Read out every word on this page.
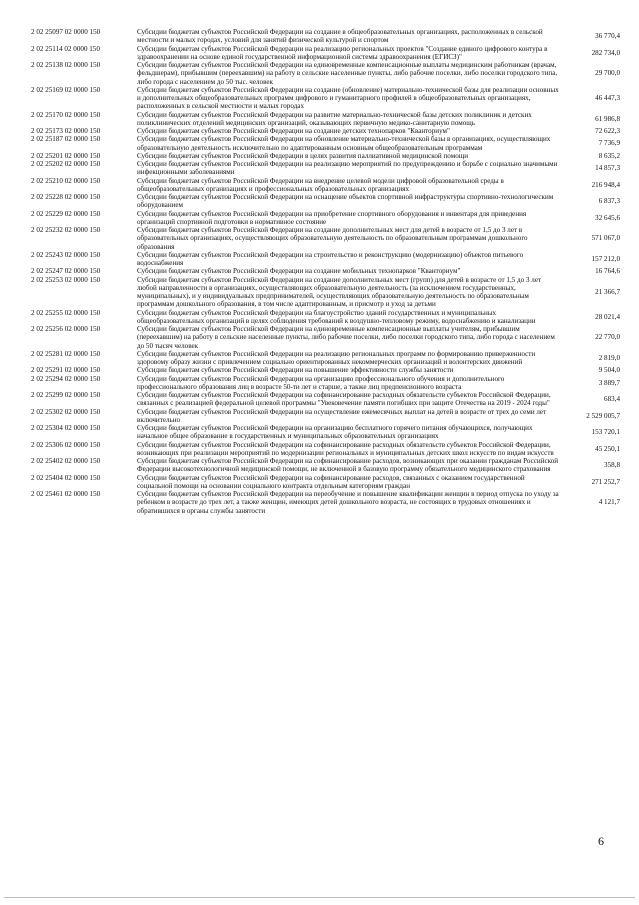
2 02 25097 02 0000 150	Субсидии бюджетам субъектов Российской Федерации на создание в общеобразовательных организациях, расположенных в сельской местности и малых городах, условий для занятий физической культурой и спортом	36 770,4
2 02 25114 02 0000 150	Субсидии бюджетам субъектов Российской Федерации на реализацию региональных проектов "Создание единого цифрового контура в здравоохранении на основе единой государственной информационной системы здравоохранения (ЕГИСЗ)"	282 734,0
2 02 25138 02 0000 150	Субсидии бюджетам субъектов Российской Федерации на единовременные компенсационные выплаты медицинским работникам (врачам, фельдшерам), прибывшим (переехавшим) на работу в сельские населенные пункты, либо рабочие поселки, либо поселки городского типа, либо города с населением до 50 тыс. человек	29 700,0
2 02 25169 02 0000 150	Субсидии бюджетам субъектов Российской Федерации на создание (обновление) материально-технической базы для реализации основных и дополнительных общеобразовательных программ цифрового и гуманитарного профилей в общеобразовательных организациях, расположенных в сельской местности и малых городах	46 447,3
2 02 25170 02 0000 150	Субсидии бюджетам субъектов Российской Федерации на развитие материально-технической базы детских поликлиник и детских поликлинических отделений медицинских организаций, оказывающих первичную медико-санитарную помощь	61 986,8
2 02 25173 02 0000 150	Субсидии бюджетам субъектов Российской Федерации на создание детских технопарков "Кванториум"	72 622,3
2 02 25187 02 0000 150	Субсидии бюджетам субъектов Российской Федерации на обновление материально-технической базы в организациях, осуществляющих образовательную деятельность исключительно по адаптированным основным общеобразовательным программам	7 736,9
2 02 25201 02 0000 150	Субсидии бюджетам субъектов Российской Федерации в целях развития паллиативной медицинской помощи	8 635,2
2 02 25202 02 0000 150	Субсидии бюджетам субъектов Российской Федерации на реализацию мероприятий по предупреждению и борьбе с социально значимыми инфекционными заболеваниями	14 857,3
2 02 25210 02 0000 150	Субсидии бюджетам субъектов Российской Федерации на внедрение целевой модели цифровой образовательной среды в общеобразовательных организациях и профессиональных образовательных организациях	216 948,4
2 02 25228 02 0000 150	Субсидии бюджетам субъектов Российской Федерации на оснащение объектов спортивной инфраструктуры спортивно-технологическим оборудованием	6 837,3
2 02 25229 02 0000 150	Субсидии бюджетам субъектов Российской Федерации на приобретение спортивного оборудования и инвентаря для приведения организаций спортивной подготовки в нормативное состояние	32 645,6
2 02 25232 02 0000 150	Субсидии бюджетам субъектов Российской Федерации на создание дополнительных мест для детей в возрасте от 1,5 до 3 лет в образовательных организациях, осуществляющих образовательную деятельность по образовательным программам дошкольного образования	571 067,0
2 02 25243 02 0000 150	Субсидии бюджетам субъектов Российской Федерации на строительство и реконструкцию (модернизацию) объектов питьевого водоснабжения	157 212,0
2 02 25247 02 0000 150	Субсидии бюджетам субъектов Российской Федерации на создание мобильных технопарков "Кванториум"	16 764,6
2 02 25253 02 0000 150	Субсидии бюджетам субъектов Российской Федерации на создание дополнительных мест (групп) для детей в возрасте от 1,5 до 3 лет любой направленности в организациях, осуществляющих образовательную деятельность (за исключением государственных, муниципальных), и у индивидуальных предпринимателей, осуществляющих образовательную деятельность по образовательным программам дошкольного образования, в том числе адаптированным, и присмотр и уход за детьми	21 366,7
2 02 25255 02 0000 150	Субсидии бюджетам субъектов Российской Федерации на благоустройство зданий государственных и муниципальных общеобразовательных организаций в целях соблюдения требований к воздушно-тепловому режиму, водоснабжению и канализации	28 021,4
2 02 25256 02 0000 150	Субсидии бюджетам субъектов Российской Федерации на единовременные компенсационные выплаты учителям, прибывшим (переехавшим) на работу в сельские населенные пункты, либо рабочие поселки, либо поселки городского типа, либо города с населением до 50 тысяч человек	22 770,0
2 02 25281 02 0000 150	Субсидии бюджетам субъектов Российской Федерации на реализацию региональных программ по формированию приверженности здоровому образу жизни с привлечением социально ориентированных некоммерческих организаций и волонтерских движений	2 819,0
2 02 25291 02 0000 150	Субсидии бюджетам субъектов Российской Федерации на повышение эффективности службы занятости	9 504,0
2 02 25294 02 0000 150	Субсидии бюджетам субъектов Российской Федерации на организацию профессионального обучения и дополнительного профессионального образования лиц в возрасте 50-ти лет и старше, а также лиц предпенсионного возраста	3 889,7
2 02 25299 02 0000 150	Субсидии бюджетам субъектов Российской Федерации на софинансирование расходных обязательств субъектов Российской Федерации, связанных с реализацией федеральной целевой программы "Увековечение памяти погибших при защите Отечества на 2019 - 2024 годы"	683,4
2 02 25302 02 0000 150	Субсидии бюджетам субъектов Российской Федерации на осуществление ежемесячных выплат на детей в возрасте от трех до семи лет включительно	2 529 005,7
2 02 25304 02 0000 150	Субсидии бюджетам субъектов Российской Федерации на организацию бесплатного горячего питания обучающихся, получающих начальное общее образование в государственных и муниципальных образовательных организациях	153 720,1
2 02 25306 02 0000 150	Субсидии бюджетам субъектов Российской Федерации на софинансирование расходных обязательств субъектов Российской Федерации, возникающих при реализации мероприятий по модернизации региональных и муниципальных детских школ искусств по видам искусств	45 250,1
2 02 25402 02 0000 150	Субсидии бюджетам субъектов Российской Федерации на софинансирование расходов, возникающих при оказании гражданам Российской Федерации высокотехнологичной медицинской помощи, не включенной в базовую программу обязательного медицинского страхования	358,8
2 02 25404 02 0000 150	Субсидии бюджетам субъектов Российской Федерации на софинансирование расходов, связанных с оказанием государственной социальной помощи на основании социального контракта отдельным категориям граждан	271 252,7
2 02 25461 02 0000 150	Субсидии бюджетам субъектов Российской Федерации на переобучение и повышение квалификации женщин в период отпуска по уходу за ребенком в возрасте до трех лет, а также женщин, имеющих детей дошкольного возраста, не состоящих в трудовых отношениях и обратившихся в органы службы занятости	4 121,7
6
